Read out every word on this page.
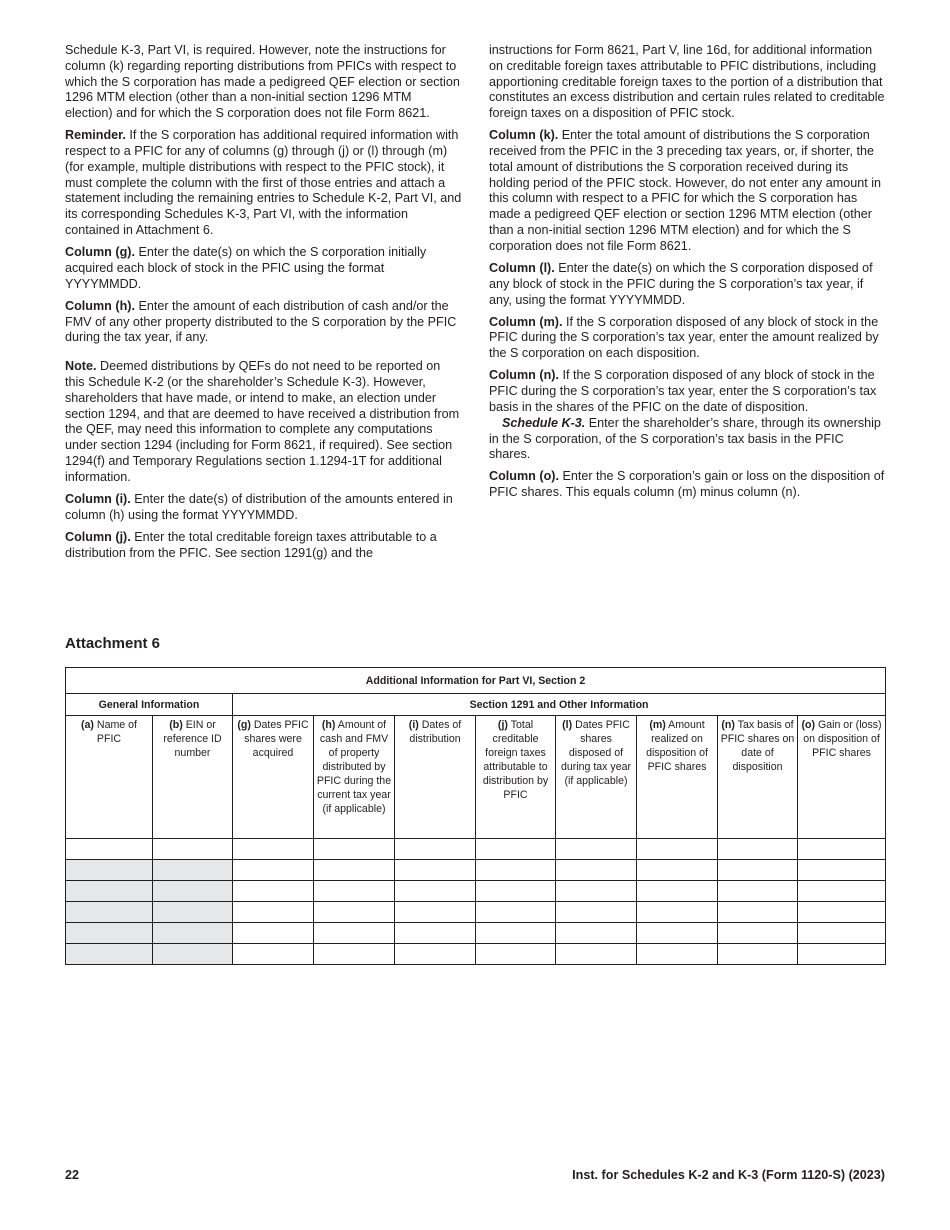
Schedule K-3, Part VI, is required. However, note the instructions for column (k) regarding reporting distributions from PFICs with respect to which the S corporation has made a pedigreed QEF election or section 1296 MTM election (other than a non-initial section 1296 MTM election) and for which the S corporation does not file Form 8621.

Reminder. If the S corporation has additional required information with respect to a PFIC for any of columns (g) through (j) or (l) through (m) (for example, multiple distributions with respect to the PFIC stock), it must complete the column with the first of those entries and attach a statement including the remaining entries to Schedule K-2, Part VI, and its corresponding Schedules K-3, Part VI, with the information contained in Attachment 6.

Column (g). Enter the date(s) on which the S corporation initially acquired each block of stock in the PFIC using the format YYYYMMDD.

Column (h). Enter the amount of each distribution of cash and/or the FMV of any other property distributed to the S corporation by the PFIC during the tax year, if any.

Note. Deemed distributions by QEFs do not need to be reported on this Schedule K-2 (or the shareholder’s Schedule K-3). However, shareholders that have made, or intend to make, an election under section 1294, and that are deemed to have received a distribution from the QEF, may need this information to complete any computations under section 1294 (including for Form 8621, if required). See section 1294(f) and Temporary Regulations section 1.1294-1T for additional information.

Column (i). Enter the date(s) of distribution of the amounts entered in column (h) using the format YYYYMMDD.

Column (j). Enter the total creditable foreign taxes attributable to a distribution from the PFIC. See section 1291(g) and the

instructions for Form 8621, Part V, line 16d, for additional information on creditable foreign taxes attributable to PFIC distributions, including apportioning creditable foreign taxes to the portion of a distribution that constitutes an excess distribution and certain rules related to creditable foreign taxes on a disposition of PFIC stock.

Column (k). Enter the total amount of distributions the S corporation received from the PFIC in the 3 preceding tax years, or, if shorter, the total amount of distributions the S corporation received during its holding period of the PFIC stock. However, do not enter any amount in this column with respect to a PFIC for which the S corporation has made a pedigreed QEF election or section 1296 MTM election (other than a non-initial section 1296 MTM election) and for which the S corporation does not file Form 8621.

Column (l). Enter the date(s) on which the S corporation disposed of any block of stock in the PFIC during the S corporation’s tax year, if any, using the format YYYYMMDD.

Column (m). If the S corporation disposed of any block of stock in the PFIC during the S corporation’s tax year, enter the amount realized by the S corporation on each disposition.

Column (n). If the S corporation disposed of any block of stock in the PFIC during the S corporation’s tax year, enter the S corporation’s tax basis in the shares of the PFIC on the date of disposition.

Schedule K-3. Enter the shareholder’s share, through its ownership in the S corporation, of the S corporation’s tax basis in the PFIC shares.

Column (o). Enter the S corporation’s gain or loss on the disposition of PFIC shares. This equals column (m) minus column (n).

Attachment 6
Additional Information for Part VI, Section 2									
General Information		Section 1291 and Other Information							
(a) Name of PFIC	(b) EIN or reference ID number	(g) Dates PFIC shares were acquired	(h) Amount of cash and FMV of property distributed by PFIC during the current tax year (if applicable)	(i) Dates of distribution	(j) Total creditable foreign taxes attributable to distribution by PFIC	(l) Dates PFIC shares disposed of during tax year (if applicable)	(m) Amount realized on disposition of PFIC shares	(n) Tax basis of PFIC shares on date of disposition	(o) Gain or (loss) on disposition of PFIC shares

22	Inst. for Schedules K-2 and K-3 (Form 1120-S) (2023)
